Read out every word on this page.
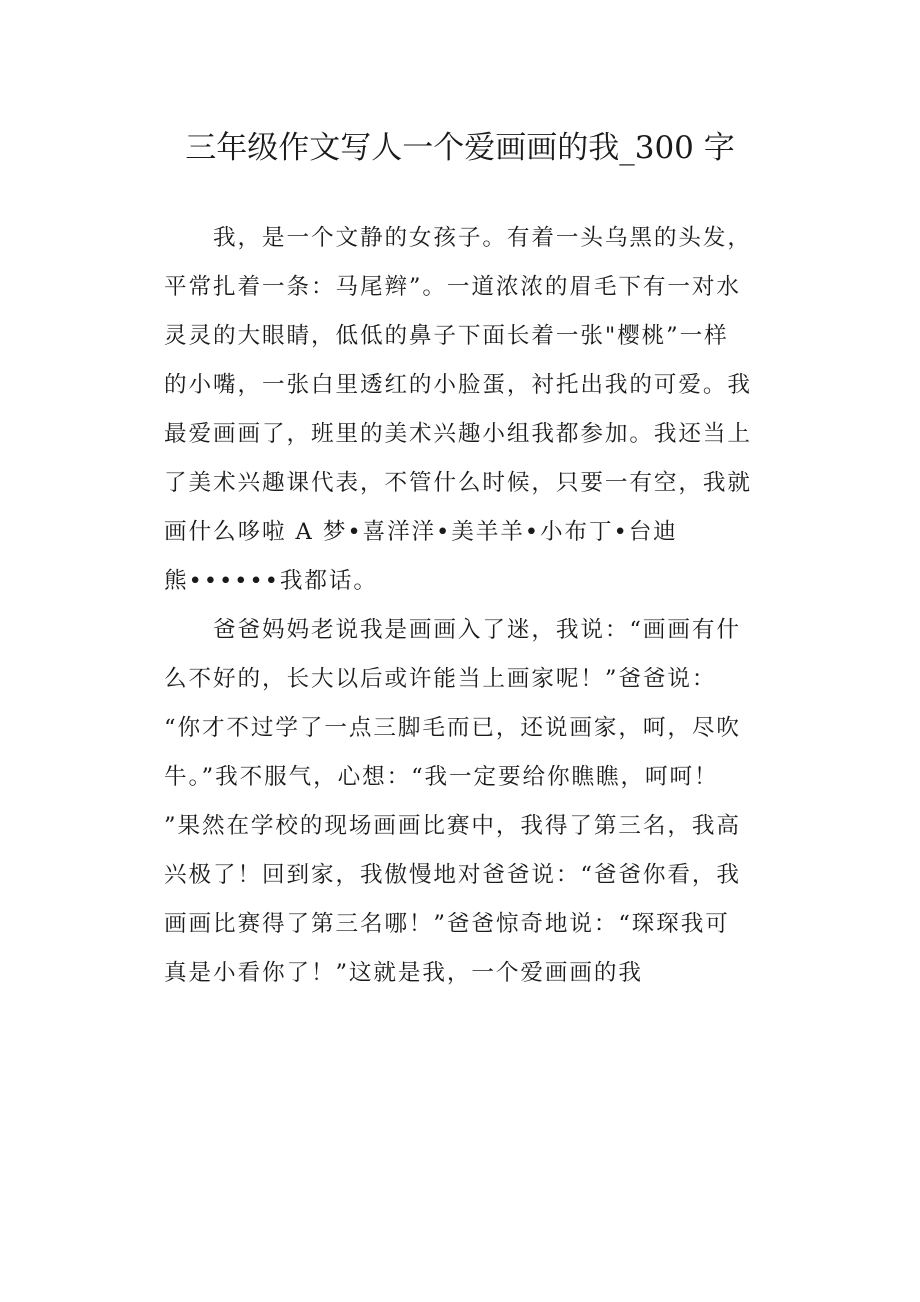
三年级作文写人一个爱画画的我_300 字
　　我，是一个文静的女孩子。有着一头乌黑的头发，
平常扎着一条：马尾辫”。一道浓浓的眉毛下有一对水
灵灵的大眼睛，低低的鼻子下面长着一张"樱桃”一样
的小嘴，一张白里透红的小脸蛋，衬托出我的可爱。我
最爱画画了，班里的美术兴趣小组我都参加。我还当上
了美术兴趣课代表，不管什么时候，只要一有空，我就
画什么哆啦 A 梦•喜洋洋•美羊羊•小布丁•台迪
熊••••••我都话。
　　爸爸妈妈老说我是画画入了迷，我说：“画画有什
么不好的，长大以后或许能当上画家呢！”爸爸说：
“你才不过学了一点三脚毛而已，还说画家，呵，尽吹
牛。”我不服气，心想：“我一定要给你瞧瞧，呵呵！
”果然在学校的现场画画比赛中，我得了第三名，我高
兴极了！回到家，我傲慢地对爸爸说：“爸爸你看，我
画画比赛得了第三名哪！”爸爸惊奇地说：“琛琛我可
真是小看你了！”这就是我，一个爱画画的我
